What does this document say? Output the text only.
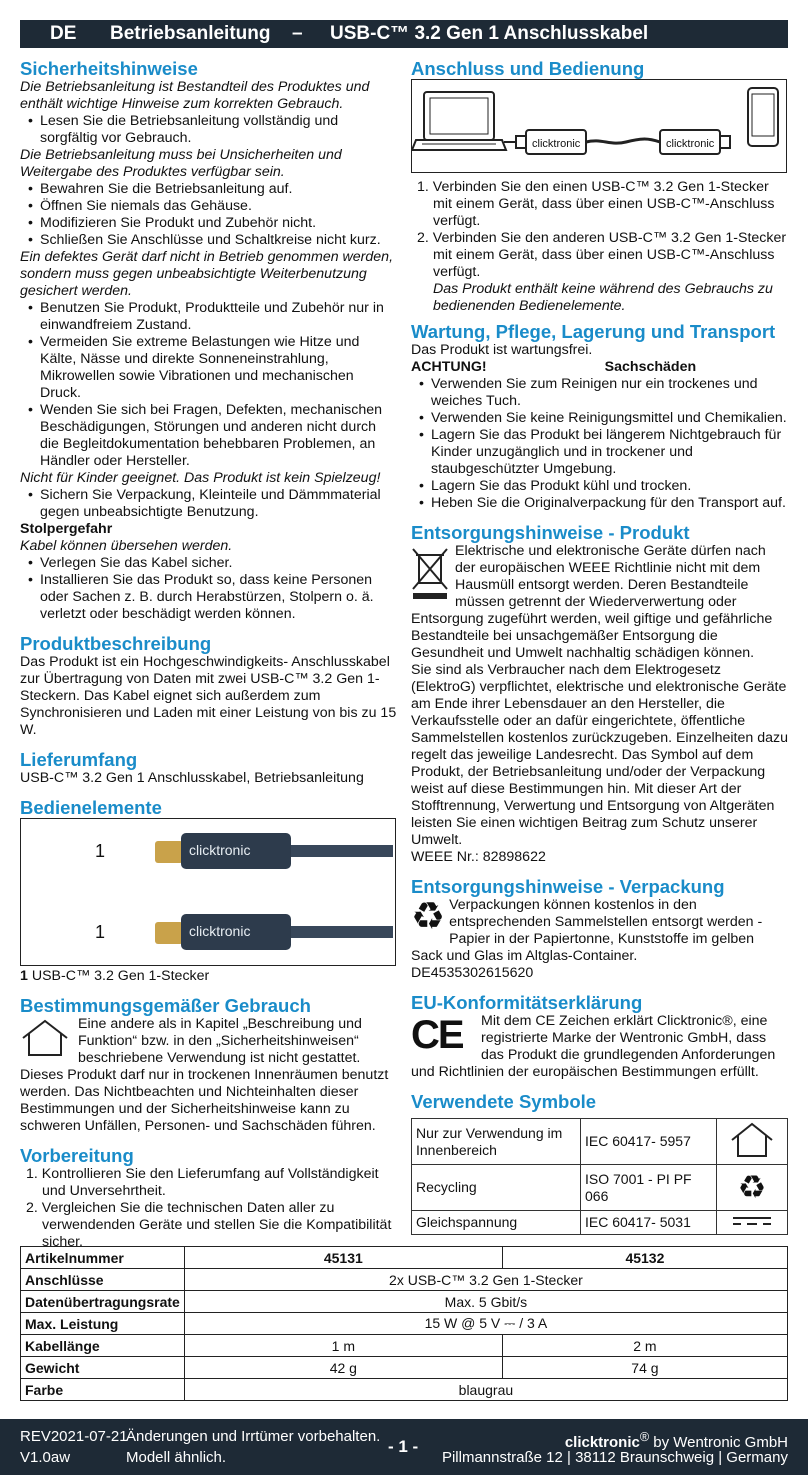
DE Betriebsanleitung – USB-C™ 3.2 Gen 1 Anschlusskabel
Sicherheitshinweise

Die Betriebsanleitung ist Bestandteil des Produktes und enthält wichtige Hinweise zum korrekten Gebrauch.

• Lesen Sie die Betriebsanleitung vollständig und sorgfältig vor Gebrauch.

Die Betriebsanleitung muss bei Unsicherheiten und Weitergabe des Produktes verfügbar sein.

• Bewahren Sie die Betriebsanleitung auf.

• Öffnen Sie niemals das Gehäuse.

• Modifizieren Sie Produkt und Zubehör nicht.

• Schließen Sie Anschlüsse und Schaltkreise nicht kurz.

Ein defektes Gerät darf nicht in Betrieb genommen werden, sondern muss gegen unbeabsichtigte Weiterbenutzung gesichert werden.

• Benutzen Sie Produkt, Produktteile und Zubehör nur in einwandfreiem Zustand.

• Vermeiden Sie extreme Belastungen wie Hitze und Kälte, Nässe und direkte Sonneneinstrahlung, Mikrowellen sowie Vibrationen und mechanischen Druck.

• Wenden Sie sich bei Fragen, Defekten, mechanischen Beschädigungen, Störungen und anderen nicht durch die Begleitdokumentation behebbaren Problemen, an Händler oder Hersteller.

Nicht für Kinder geeignet. Das Produkt ist kein Spielzeug!

• Sichern Sie Verpackung, Kleinteile und Dämmmaterial gegen unbeabsichtigte Benutzung.

Stolpergefahr

Kabel können übersehen werden.

• Verlegen Sie das Kabel sicher.

• Installieren Sie das Produkt so, dass keine Personen oder Sachen z. B. durch Herabstürzen, Stolpern o. ä. verletzt oder beschädigt werden können.

Produktbeschreibung

Das Produkt ist ein Hochgeschwindigkeits- Anschlusskabel zur Übertragung von Daten mit zwei USB-C™ 3.2 Gen 1-Steckern. Das Kabel eignet sich außerdem zum Synchronisieren und Laden mit einer Leistung von bis zu 15 W.

Lieferumfang

USB-C™ 3.2 Gen 1 Anschlusskabel, Betriebsanleitung

Bedienelemente
1	clicktronic
1	clicktronic

1 USB-C™ 3.2 Gen 1-Stecker

Bestimmungsgemäßer Gebrauch

Eine andere als in Kapitel „Beschreibung und Funktion“ bzw. in den „Sicherheitshinweisen“ beschriebene Verwendung ist nicht gestattet. Dieses Produkt darf nur in trockenen Innenräumen benutzt werden. Das Nichtbeachten und Nichteinhalten dieser Bestimmungen und der Sicherheitshinweise kann zu schweren Unfällen, Personen- und Sachschäden führen.

Vorbereitung

1. Kontrollieren Sie den Lieferumfang auf Vollständigkeit und Unversehrtheit.

2. Vergleichen Sie die technischen Daten aller zu verwendenden Geräte und stellen Sie die Kompatibilität sicher.

Anschluss und Bedienung
clicktronic	clicktronic

1. Verbinden Sie den einen USB-C™ 3.2 Gen 1-Stecker mit einem Gerät, dass über einen USB-C™-Anschluss verfügt.

2. Verbinden Sie den anderen USB-C™ 3.2 Gen 1-Stecker mit einem Gerät, dass über einen USB-C™-Anschluss verfügt.

Das Produkt enthält keine während des Gebrauchs zu bedienenden Bedienelemente.

Wartung, Pflege, Lagerung und Transport

Das Produkt ist wartungsfrei.

ACHTUNG!	Sachschäden

• Verwenden Sie zum Reinigen nur ein trockenes und weiches Tuch.

• Verwenden Sie keine Reinigungsmittel und Chemikalien.

• Lagern Sie das Produkt bei längerem Nichtgebrauch für Kinder unzugänglich und in trockener und staubgeschützter Umgebung.

• Lagern Sie das Produkt kühl und trocken.

• Heben Sie die Originalverpackung für den Transport auf.

Entsorgungshinweise - Produkt

Elektrische und elektronische Geräte dürfen nach der europäischen WEEE Richtlinie nicht mit dem Hausmüll entsorgt werden. Deren Bestandteile müssen getrennt der Wiederverwertung oder Entsorgung zugeführt werden, weil giftige und gefährliche Bestandteile bei unsachgemäßer Entsorgung die Gesundheit und Umwelt nachhaltig schädigen können.

Sie sind als Verbraucher nach dem Elektrogesetz (ElektroG) verpflichtet, elektrische und elektronische Geräte am Ende ihrer Lebensdauer an den Hersteller, die Verkaufsstelle oder an dafür eingerichtete, öffentliche Sammelstellen kostenlos zurückzugeben. Einzelheiten dazu regelt das jeweilige Landesrecht. Das Symbol auf dem Produkt, der Betriebsanleitung und/oder der Verpackung weist auf diese Bestimmungen hin. Mit dieser Art der Stofftrennung, Verwertung und Entsorgung von Altgeräten leisten Sie einen wichtigen Beitrag zum Schutz unserer Umwelt.

WEEE Nr.: 82898622

Entsorgungshinweise - Verpackung
♻ Verpackungen können kostenlos in den entsprechenden Sammelstellen entsorgt werden - Papier in der Papiertonne, Kunststoffe im gelben Sack und Glas im Altglas-Container.

DE4535302615620

EU-Konformitätserklärung
CE	Mit dem CE Zeichen erklärt Clicktronic®, eine registrierte Marke der Wentronic GmbH, dass das Produkt die grundlegenden Anforderungen und Richtlinien der europäischen Bestimmungen erfüllt.

Verwendete Symbole
Nur zur Verwendung im Innenbereich	IEC 60417- 5957	
Recycling	ISO 7001 - PI PF 066	♻
Gleichspannung	IEC 60417- 5031	
Artikelnummer	45131	45132
Anschlüsse	2x USB-C™ 3.2 Gen 1-Stecker	
Datenübertragungsrate	Max. 5 Gbit/s	
Max. Leistung	15 W @ 5 V ⎓ / 3 A	
Kabellänge	1 m	2 m
Gewicht	42 g	74 g
Farbe	blaugrau	
REV2021-07-21
V1.0aw
Änderungen und Irrtümer vorbehalten.
Modell ähnlich.
- 1 -	clicktronic® by Wentronic GmbH
Pillmannstraße 12 | 38112 Braunschweig | Germany
